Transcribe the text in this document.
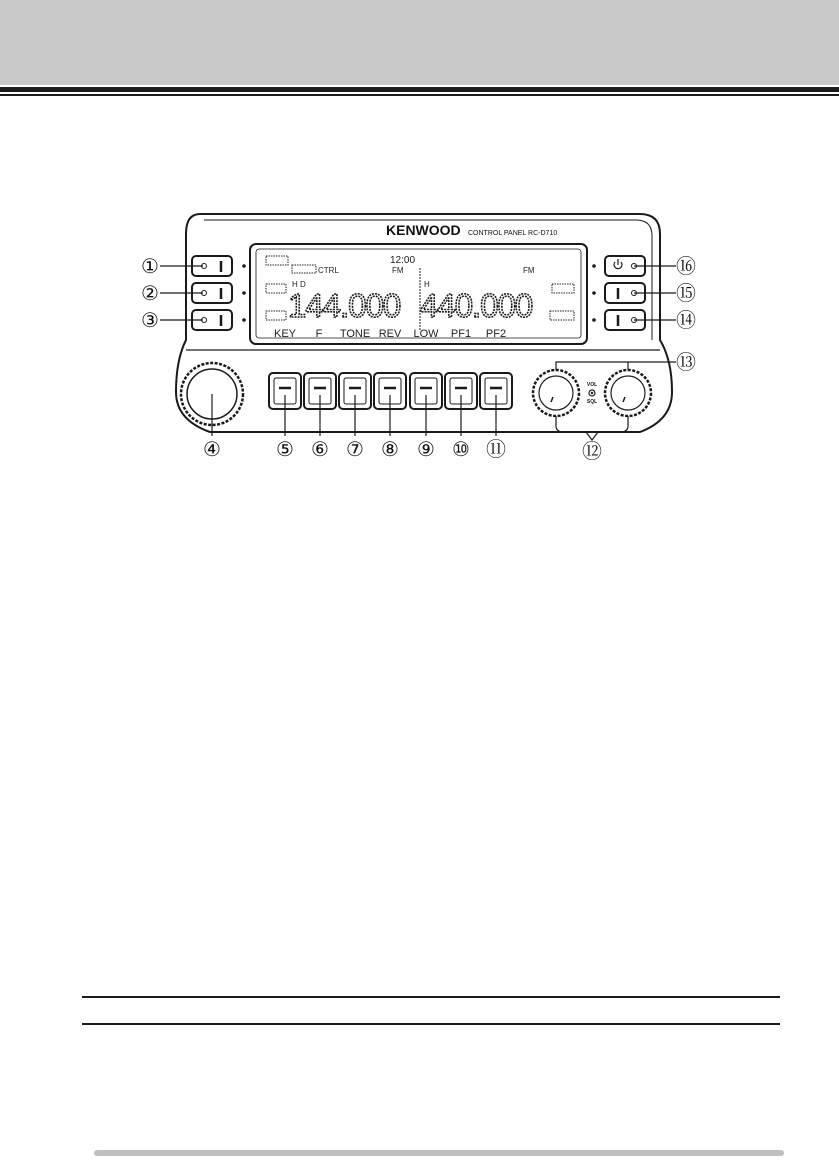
KENWOOD CONTROL PANEL RC-D710
12:00
CTRL	FM	FM
H D	H
144.000 440.000
KEY F TONE REV LOW PF1 PF2
VOL
SQL
①
②
③
④	⑤ ⑥ ⑦ ⑧ ⑨ ⑩ ⑪	⑫
⑬
⑭
⑮
⑯
